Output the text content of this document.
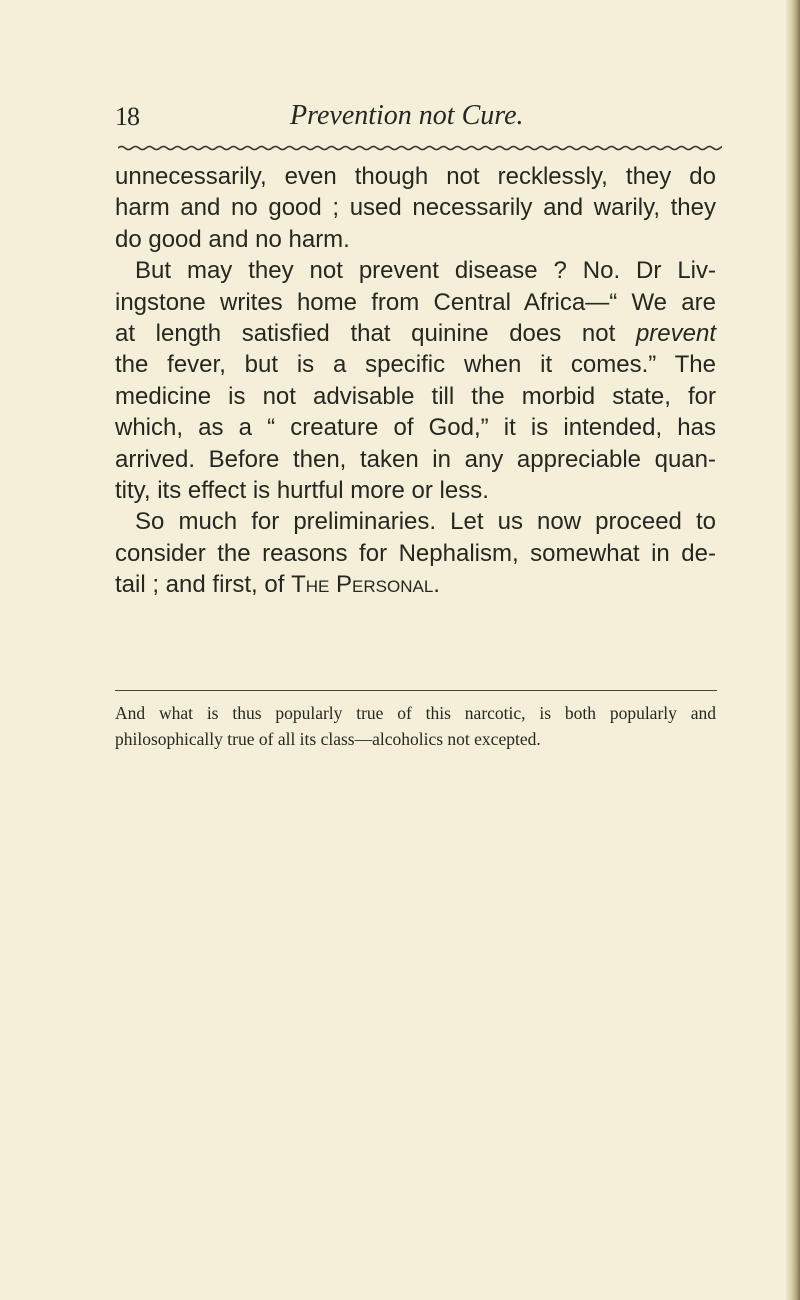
18	Prevention not Cure.
unnecessarily, even though not recklessly, they do
harm and no good ; used necessarily and warily, they
do good and no harm.
But may they not prevent disease ? No. Dr Liv-
ingstone writes home from Central Africa—“ We are
at length satisfied that quinine does not prevent
the fever, but is a specific when it comes.” The
medicine is not advisable till the morbid state, for
which, as a “ creature of God,” it is intended, has
arrived. Before then, taken in any appreciable quan-
tity, its effect is hurtful more or less.
So much for preliminaries. Let us now proceed to
consider the reasons for Nephalism, somewhat in de-
tail ; and first, of The Personal.
And what is thus popularly true of this narcotic, is both popularly and
philosophically true of all its class—alcoholics not excepted.
